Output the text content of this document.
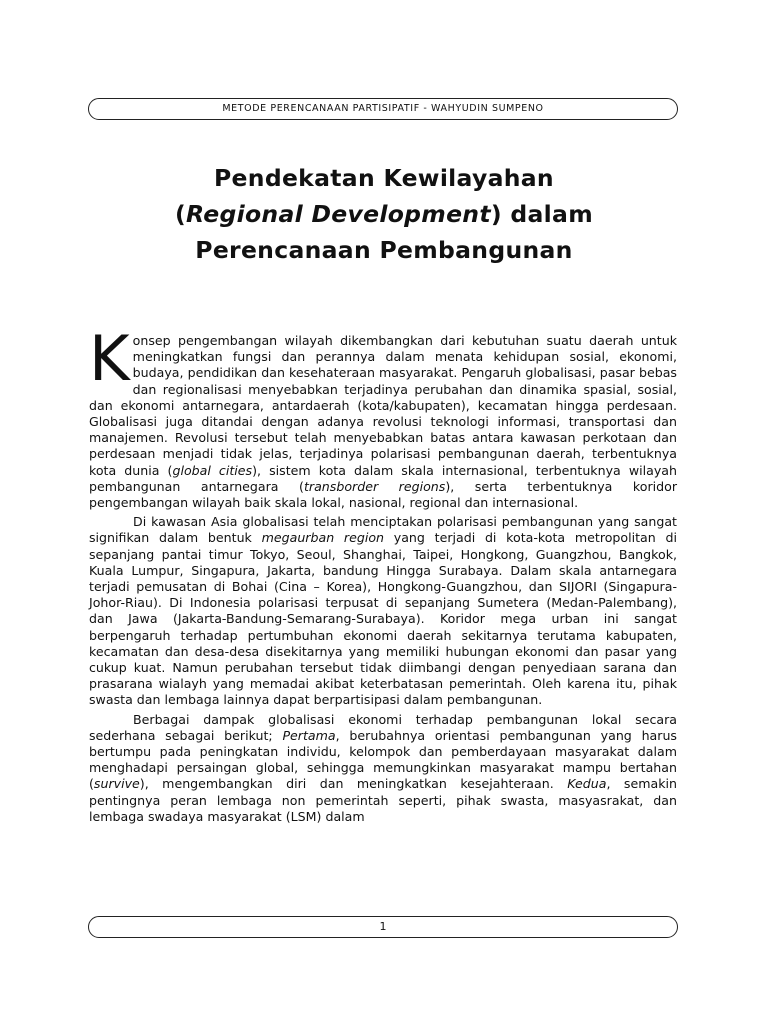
METODE PERENCANAAN PARTISIPATIF - WAHYUDIN SUMPENO
Pendekatan Kewilayahan
(Regional Development) dalam
Perencanaan Pembangunan

Konsep pengembangan wilayah dikembangkan dari kebutuhan suatu daerah untuk meningkatkan fungsi dan perannya dalam menata kehidupan sosial, ekonomi, budaya, pendidikan dan kesehateraan masyarakat. Pengaruh globalisasi, pasar bebas dan regionalisasi menyebabkan terjadinya perubahan dan dinamika spasial, sosial, dan ekonomi antarnegara, antardaerah (kota/kabupaten), kecamatan hingga perdesaan. Globalisasi juga ditandai dengan adanya revolusi teknologi informasi, transportasi dan manajemen. Revolusi tersebut telah menyebabkan batas antara kawasan perkotaan dan perdesaan menjadi tidak jelas, terjadinya polarisasi pembangunan daerah, terbentuknya kota dunia (global cities), sistem kota dalam skala internasional, terbentuknya wilayah pembangunan antarnegara (transborder regions), serta terbentuknya koridor pengembangan wilayah baik skala lokal, nasional, regional dan internasional.

Di kawasan Asia globalisasi telah menciptakan polarisasi pembangunan yang sangat signifikan dalam bentuk megaurban region yang terjadi di kota-kota metropolitan di sepanjang pantai timur Tokyo, Seoul, Shanghai, Taipei, Hongkong, Guangzhou, Bangkok, Kuala Lumpur, Singapura, Jakarta, bandung Hingga Surabaya. Dalam skala antarnegara terjadi pemusatan di Bohai (Cina – Korea), Hongkong-Guangzhou, dan SIJORI (Singapura-Johor-Riau). Di Indonesia polarisasi terpusat di sepanjang Sumetera (Medan-Palembang), dan Jawa (Jakarta-Bandung-Semarang-Surabaya). Koridor mega urban ini sangat berpengaruh terhadap pertumbuhan ekonomi daerah sekitarnya terutama kabupaten, kecamatan dan desa-desa disekitarnya yang memiliki hubungan ekonomi dan pasar yang cukup kuat. Namun perubahan tersebut tidak diimbangi dengan penyediaan sarana dan prasarana wialayh yang memadai akibat keterbatasan pemerintah. Oleh karena itu, pihak swasta dan lembaga lainnya dapat berpartisipasi dalam pembangunan.

Berbagai dampak globalisasi ekonomi terhadap pembangunan lokal secara sederhana sebagai berikut; Pertama, berubahnya orientasi pembangunan yang harus bertumpu pada peningkatan individu, kelompok dan pemberdayaan masyarakat dalam menghadapi persaingan global, sehingga memungkinkan masyarakat mampu bertahan (survive), mengembangkan diri dan meningkatkan kesejahteraan. Kedua, semakin pentingnya peran lembaga non pemerintah seperti, pihak swasta, masyasrakat, dan lembaga swadaya masyarakat (LSM) dalam

1
